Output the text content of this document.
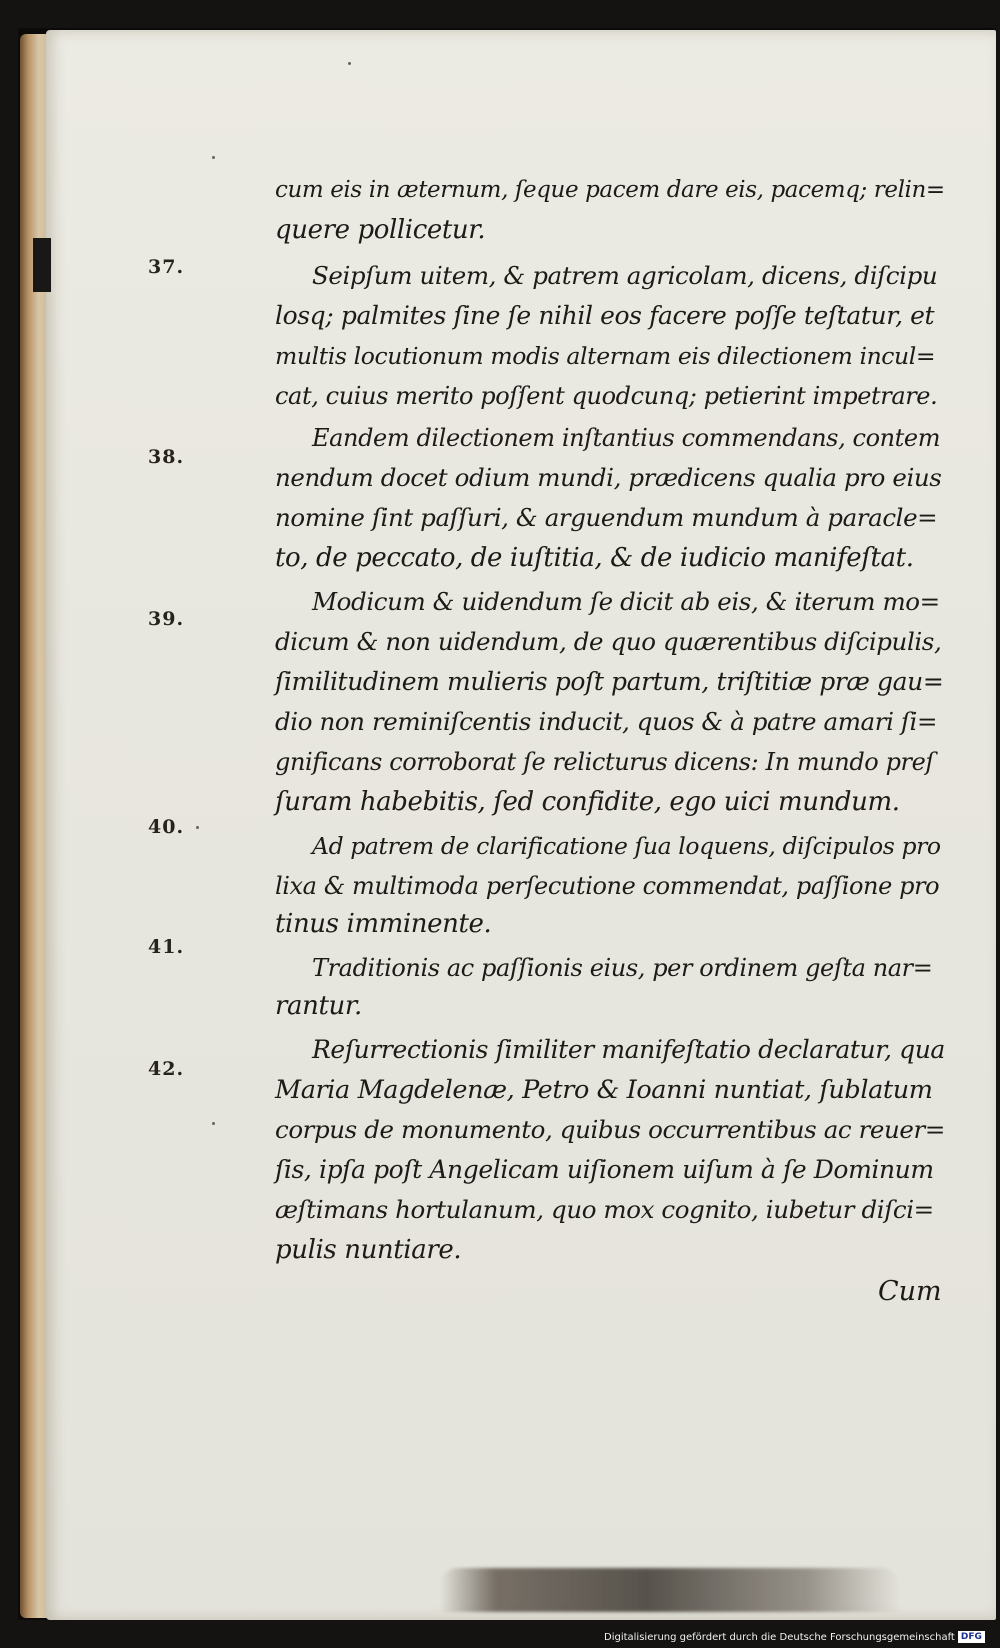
cum eis in æternum, ſeque pacem dare eis, pacemq; relin=
quere pollicetur.
Seipſum uitem, & patrem agricolam, dicens, diſcipu
losq; palmites ſine ſe nihil eos facere poſſe teſtatur, et
multis locutionum modis alternam eis dilectionem incul=
cat, cuius merito poſſent quodcunq; petierint impetrare.
Eandem dilectionem inſtantius commendans, contem
nendum docet odium mundi, prædicens qualia pro eius
nomine ſint paſſuri, & arguendum mundum à paracle=
to, de peccato, de iuſtitia, & de iudicio manifeſtat.
Modicum & uidendum ſe dicit ab eis, & iterum mo=
dicum & non uidendum, de quo quærentibus diſcipulis,
ſimilitudinem mulieris poſt partum, triſtitiæ præ gau=
dio non reminiſcentis inducit, quos & à patre amari ſi=
gnificans corroborat ſe relicturus dicens: In mundo preſ
ſuram habebitis, ſed confidite, ego uici mundum.
Ad patrem de clarificatione ſua loquens, diſcipulos pro
lixa & multimoda perſecutione commendat, paſſione pro
tinus imminente.
Traditionis ac paſſionis eius, per ordinem geſta nar=
rantur.
Reſurrectionis ſimiliter manifeſtatio declaratur, qua
Maria Magdelenæ, Petro & Ioanni nuntiat, ſublatum
corpus de monumento, quibus occurrentibus ac reuer=
ſis, ipſa poſt Angelicam uiſionem uiſum à ſe Dominum
æſtimans hortulanum, quo mox cognito, iubetur diſci=
pulis nuntiare.
37.
38.
39.
40.
41.
42.
Cum
Digitalisierung gefördert durch die Deutsche Forschungsgemeinschaft DFG
